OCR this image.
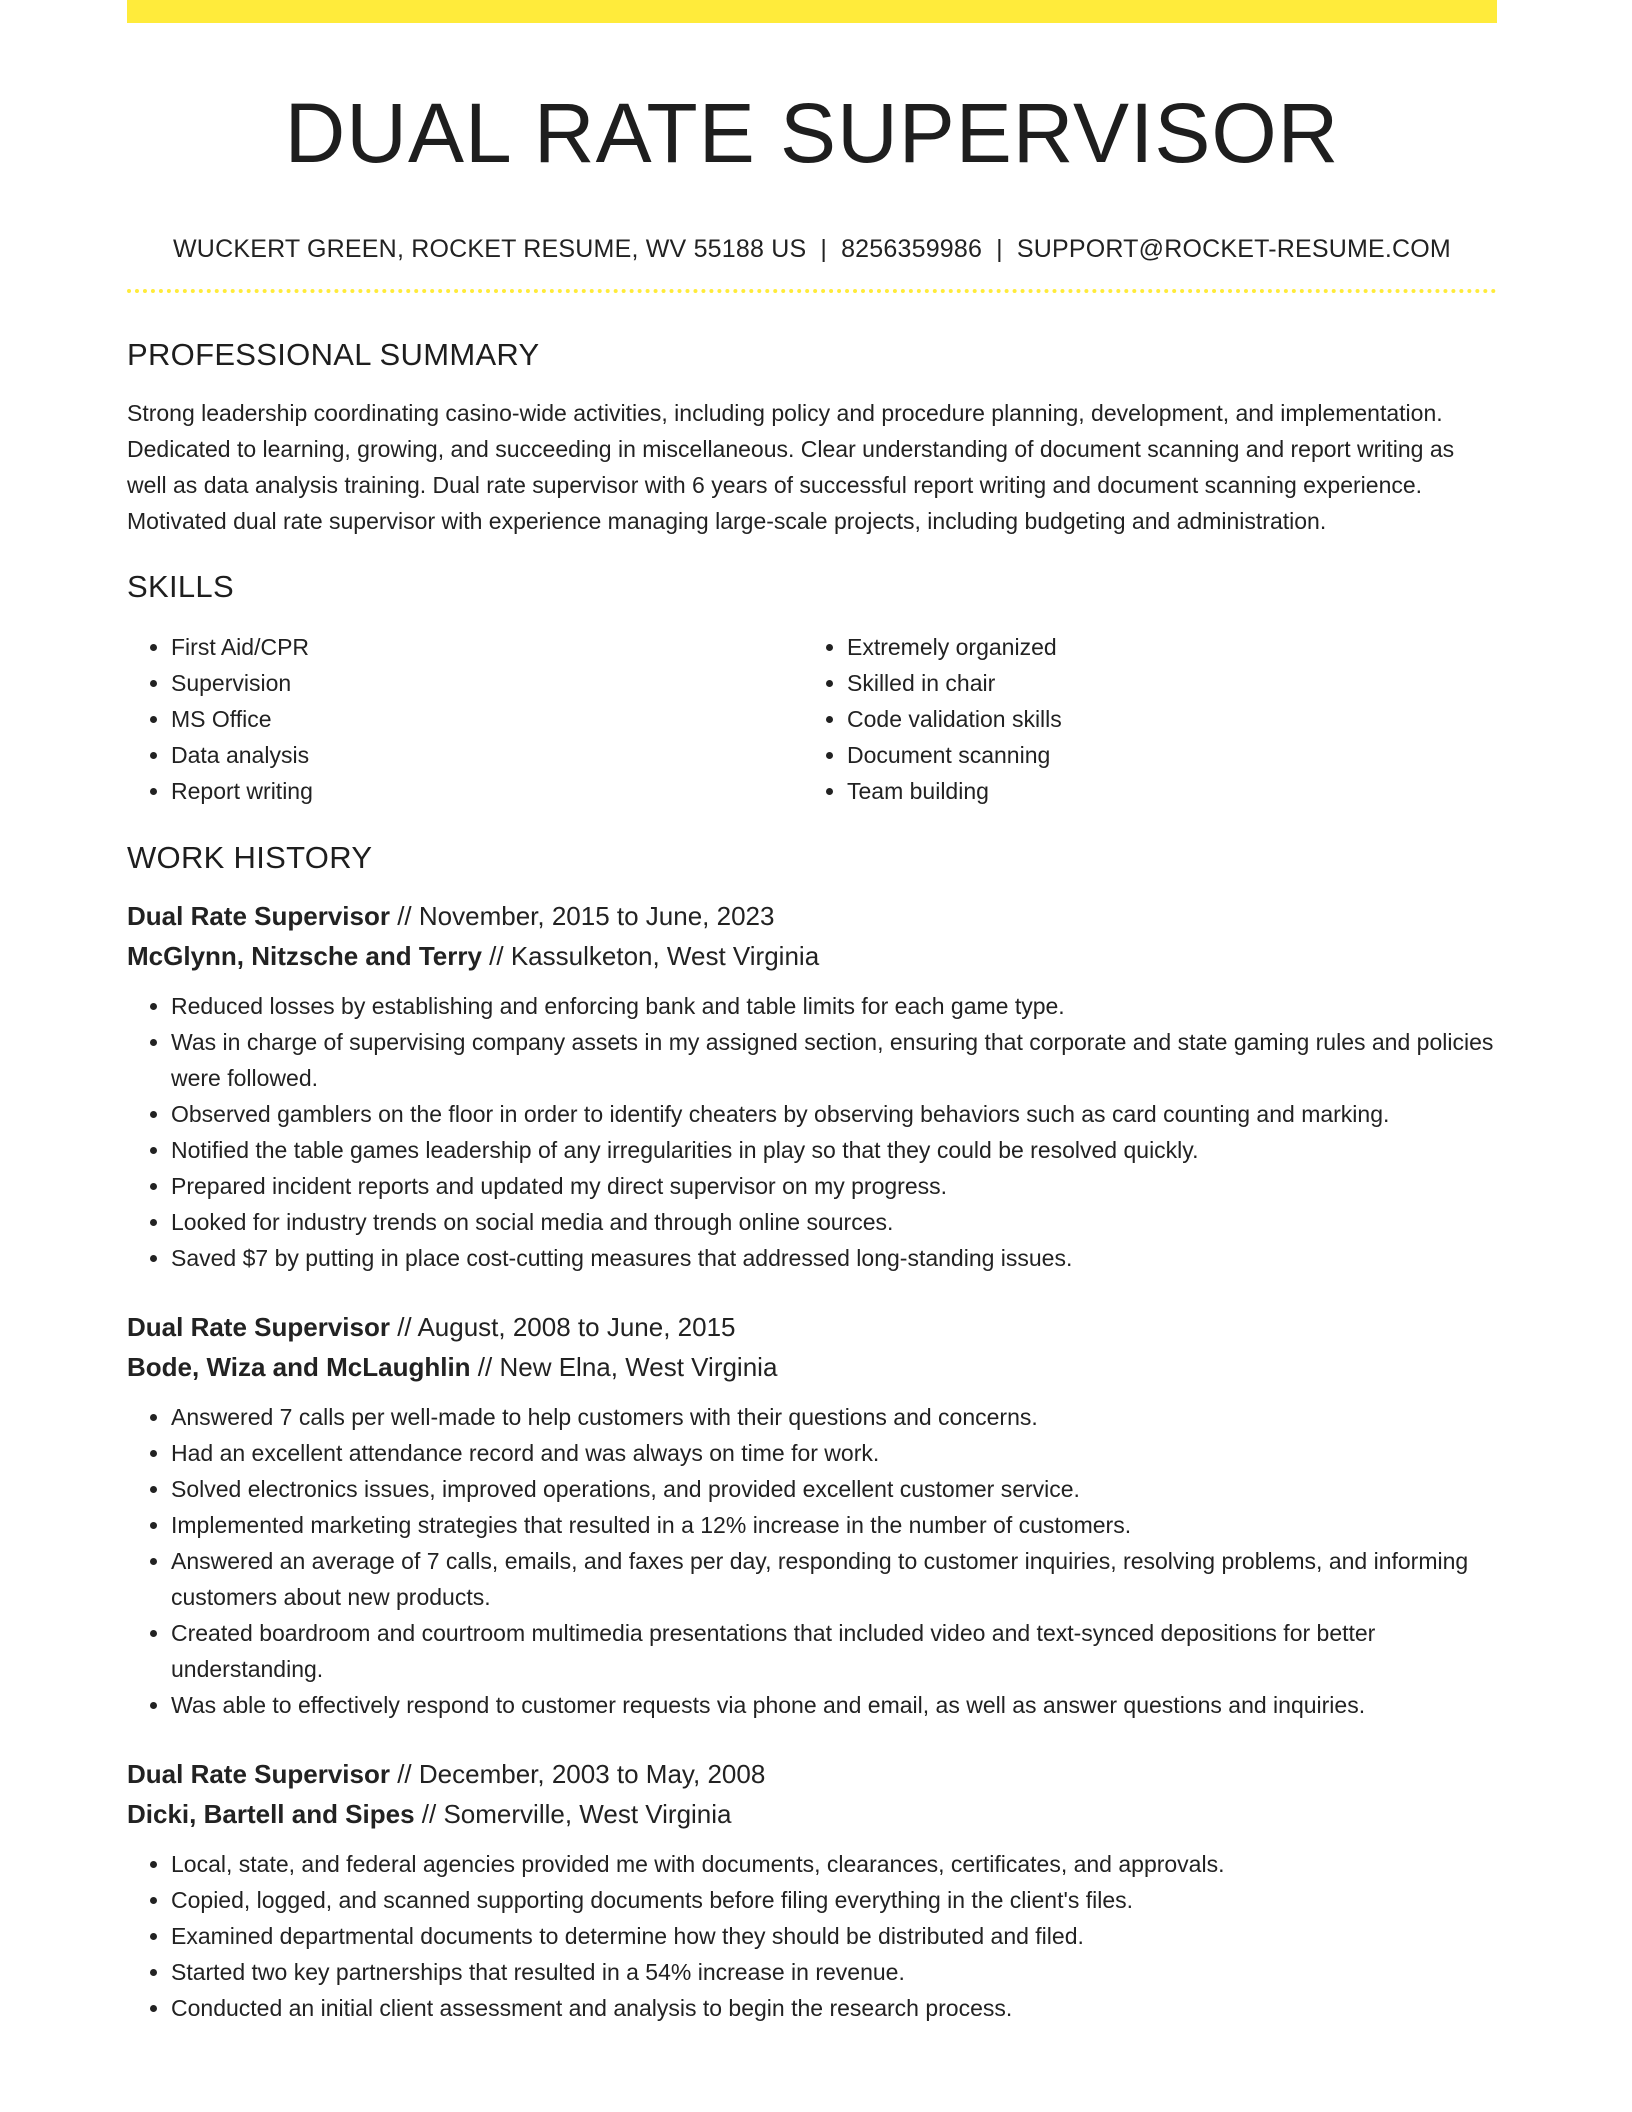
DUAL RATE SUPERVISOR
WUCKERT GREEN, ROCKET RESUME, WV 55188 US | 8256359986 | SUPPORT@ROCKET-RESUME.COM
PROFESSIONAL SUMMARY

Strong leadership coordinating casino-wide activities, including policy and procedure planning, development, and implementation. Dedicated to learning, growing, and succeeding in miscellaneous. Clear understanding of document scanning and report writing as well as data analysis training. Dual rate supervisor with 6 years of successful report writing and document scanning experience. Motivated dual rate supervisor with experience managing large-scale projects, including budgeting and administration.

SKILLS
• First Aid/CPR
• Supervision
• MS Office
• Data analysis
• Report writing
• Extremely organized
• Skilled in chair
• Code validation skills
• Document scanning
• Team building
WORK HISTORY
Dual Rate Supervisor // November, 2015 to June, 2023
McGlynn, Nitzsche and Terry // Kassulketon, West Virginia
• Reduced losses by establishing and enforcing bank and table limits for each game type.
• Was in charge of supervising company assets in my assigned section, ensuring that corporate and state gaming rules and policies were followed.
• Observed gamblers on the floor in order to identify cheaters by observing behaviors such as card counting and marking.
• Notified the table games leadership of any irregularities in play so that they could be resolved quickly.
• Prepared incident reports and updated my direct supervisor on my progress.
• Looked for industry trends on social media and through online sources.
• Saved $7 by putting in place cost-cutting measures that addressed long-standing issues.
Dual Rate Supervisor // August, 2008 to June, 2015
Bode, Wiza and McLaughlin // New Elna, West Virginia
• Answered 7 calls per well-made to help customers with their questions and concerns.
• Had an excellent attendance record and was always on time for work.
• Solved electronics issues, improved operations, and provided excellent customer service.
• Implemented marketing strategies that resulted in a 12% increase in the number of customers.
• Answered an average of 7 calls, emails, and faxes per day, responding to customer inquiries, resolving problems, and informing customers about new products.
• Created boardroom and courtroom multimedia presentations that included video and text-synced depositions for better understanding.
• Was able to effectively respond to customer requests via phone and email, as well as answer questions and inquiries.
Dual Rate Supervisor // December, 2003 to May, 2008
Dicki, Bartell and Sipes // Somerville, West Virginia
• Local, state, and federal agencies provided me with documents, clearances, certificates, and approvals.
• Copied, logged, and scanned supporting documents before filing everything in the client's files.
• Examined departmental documents to determine how they should be distributed and filed.
• Started two key partnerships that resulted in a 54% increase in revenue.
• Conducted an initial client assessment and analysis to begin the research process.
